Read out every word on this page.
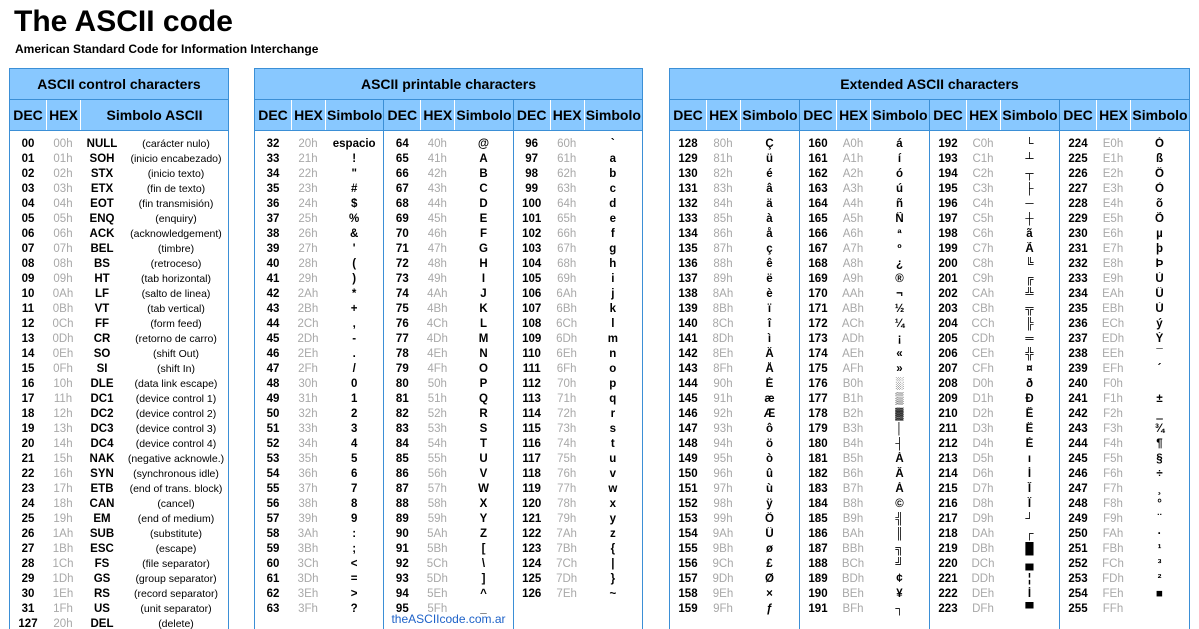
The ASCII code
American Standard Code for Information Interchange
ASCII control characters
DEC HEX	Simbolo ASCII
00	00h	NULL	(carácter nulo)
01	01h	SOH	(inicio encabezado)
02	02h	STX	(inicio texto)
03	03h	ETX	(fin de texto)
04	04h	EOT	(fin transmisión)
05	05h	ENQ	(enquiry)
06	06h	ACK	(acknowledgement)
07	07h	BEL	(timbre)
08	08h	BS	(retroceso)
09	09h	HT	(tab horizontal)
10	0Ah	LF	(salto de linea)
11	0Bh	VT	(tab vertical)
12	0Ch	FF	(form feed)
13	0Dh	CR	(retorno de carro)
14	0Eh	SO	(shift Out)
15	0Fh	SI	(shift In)
16	10h	DLE	(data link escape)
17	11h	DC1	(device control 1)
18	12h	DC2	(device control 2)
19	13h	DC3	(device control 3)
20	14h	DC4	(device control 4)
21	15h	NAK	(negative acknowle.)
22	16h	SYN	(synchronous idle)
23	17h	ETB	(end of trans. block)
24	18h	CAN	(cancel)
25	19h	EM	(end of medium)
26	1Ah	SUB	(substitute)
27	1Bh	ESC	(escape)
28	1Ch	FS	(file separator)
29	1Dh	GS	(group separator)
30	1Eh	RS	(record separator)
31	1Fh	US	(unit separator)
127	20h	DEL	(delete)
ASCII printable characters
DEC HEX Simbolo
32	20h	espacio
33	21h	!
34	22h	"
35	23h	#
36	24h	$
37	25h	%
38	26h	&
39	27h	'
40	28h	(
41	29h	)
42	2Ah	*
43	2Bh	+
44	2Ch	,
45	2Dh	-
46	2Eh	.
47	2Fh	/
48	30h	0
49	31h	1
50	32h	2
51	33h	3
52	34h	4
53	35h	5
54	36h	6
55	37h	7
56	38h	8
57	39h	9
58	3Ah	:
59	3Bh	;
60	3Ch	<
61	3Dh	=
62	3Eh	>
63	3Fh	?
DEC HEX Simbolo
64	40h	@
65	41h	A
66	42h	B
67	43h	C
68	44h	D
69	45h	E
70	46h	F
71	47h	G
72	48h	H
73	49h	I
74	4Ah	J
75	4Bh	K
76	4Ch	L
77	4Dh	M
78	4Eh	N
79	4Fh	O
80	50h	P
81	51h	Q
82	52h	R
83	53h	S
84	54h	T
85	55h	U
86	56h	V
87	57h	W
88	58h	X
89	59h	Y
90	5Ah	Z
91	5Bh	[
92	5Ch	\
93	5Dh	]
94	5Eh	^
95	5Fh	_
DEC HEX Simbolo
96	60h	`
97	61h	a
98	62h	b
99	63h	c
100	64h	d
101	65h	e
102	66h	f
103	67h	g
104	68h	h
105	69h	i
106	6Ah	j
107	6Bh	k
108	6Ch	l
109	6Dh	m
110	6Eh	n
111	6Fh	o
112	70h	p
113	71h	q
114	72h	r
115	73h	s
116	74h	t
117	75h	u
118	76h	v
119	77h	w
120	78h	x
121	79h	y
122	7Ah	z
123	7Bh	{
124	7Ch	|
125	7Dh	}
126	7Eh	~
theASCIIcode.com.ar
Extended ASCII characters
DEC HEX Simbolo
128	80h	Ç
129	81h	ü
130	82h	é
131	83h	â
132	84h	ä
133	85h	à
134	86h	å
135	87h	ç
136	88h	ê
137	89h	ë
138	8Ah	è
139	8Bh	ï
140	8Ch	î
141	8Dh	ì
142	8Eh	Ä
143	8Fh	Å
144	90h	É
145	91h	æ
146	92h	Æ
147	93h	ô
148	94h	ö
149	95h	ò
150	96h	û
151	97h	ù
152	98h	ÿ
153	99h	Ö
154	9Ah	Ü
155	9Bh	ø
156	9Ch	£
157	9Dh	Ø
158	9Eh	×
159	9Fh	ƒ
DEC HEX Simbolo
160	A0h	á
161	A1h	í
162	A2h	ó
163	A3h	ú
164	A4h	ñ
165	A5h	Ñ
166	A6h	ª
167	A7h	º
168	A8h	¿
169	A9h	®
170	AAh	¬
171	ABh	½
172	ACh	¼
173	ADh	¡
174	AEh	«
175	AFh	»
176	B0h	░
177	B1h	▒
178	B2h	▓
179	B3h	│
180	B4h	┤
181	B5h	Á
182	B6h	Â
183	B7h	À
184	B8h	©
185	B9h	╣
186	BAh	║
187	BBh	╗
188	BCh	╝
189	BDh	¢
190	BEh	¥
191	BFh	┐
DEC HEX Simbolo
192	C0h	└
193	C1h	┴
194	C2h	┬
195	C3h	├
196	C4h	─
197	C5h	┼
198	C6h	ã
199	C7h	Ã
200	C8h	╚
201	C9h	╔
202	CAh	╩
203	CBh	╦
204	CCh	╠
205	CDh	═
206	CEh	╬
207	CFh	¤
208	D0h	ð
209	D1h	Ð
210	D2h	Ê
211	D3h	Ë
212	D4h	È
213	D5h	ı
214	D6h	Í
215	D7h	Î
216	D8h	Ï
217	D9h	┘
218	DAh	┌
219	DBh	█
220	DCh	▄
221	DDh	¦
222	DEh	Ì
223	DFh	▀
DEC HEX Simbolo
224	E0h	Ó
225	E1h	ß
226	E2h	Ô
227	E3h	Ò
228	E4h	õ
229	E5h	Õ
230	E6h	µ
231	E7h	þ
232	E8h	Þ
233	E9h	Ú
234	EAh	Û
235	EBh	Ù
236	ECh	ý
237	EDh	Ý
238	EEh	¯
239	EFh	´
240	F0h
241	F1h	±
242	F2h	‗
243	F3h	¾
244	F4h	¶
245	F5h	§
246	F6h	÷
247	F7h	¸
248	F8h	°
249	F9h	¨
250	FAh	·
251	FBh	¹
252	FCh	³
253	FDh	²
254	FEh	■
255	FFh
